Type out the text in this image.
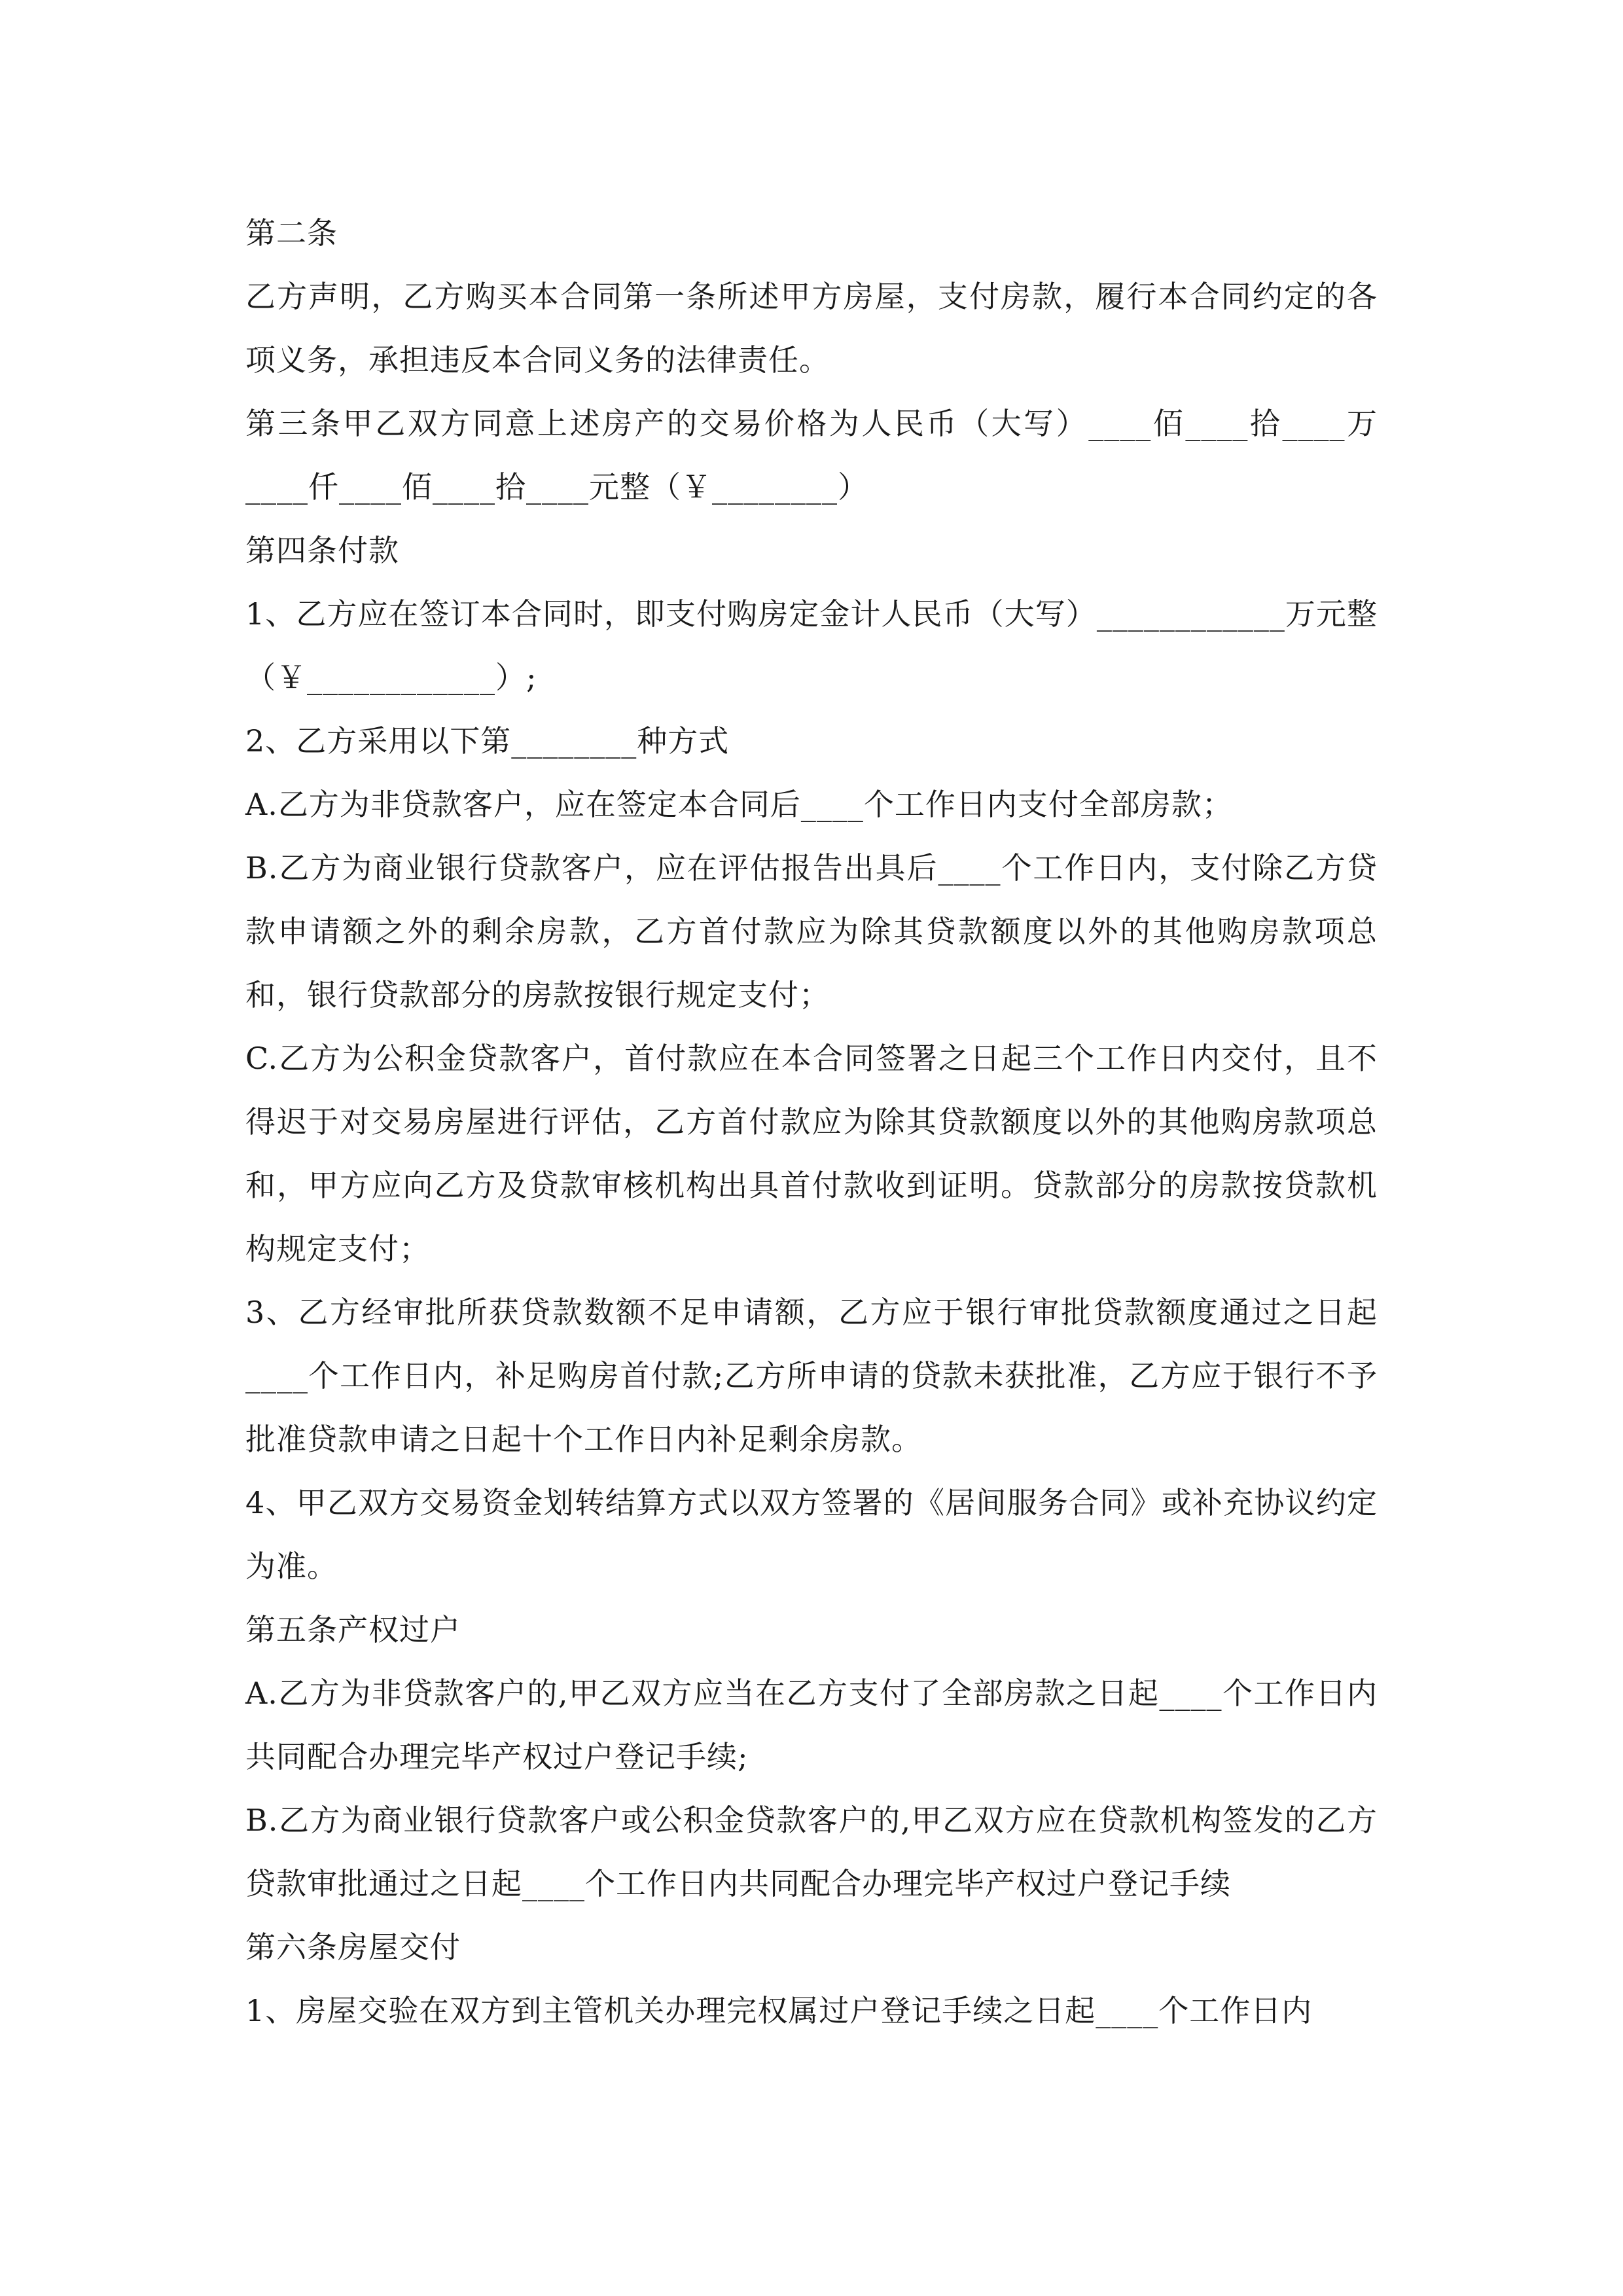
第二条

乙方声明，乙方购买本合同第一条所述甲方房屋，支付房款，履行本合同约定的各项义务，承担违反本合同义务的法律责任。

第三条甲乙双方同意上述房产的交易价格为人民币（大写）____佰____拾____万____仟____佰____拾____元整（￥________）

第四条付款

1、乙方应在签订本合同时，即支付购房定金计人民币（大写）____________万元整（￥____________）;

2、乙方采用以下第________种方式

A.乙方为非贷款客户，应在签定本合同后____个工作日内支付全部房款；

B.乙方为商业银行贷款客户，应在评估报告出具后____个工作日内，支付除乙方贷款申请额之外的剩余房款，乙方首付款应为除其贷款额度以外的其他购房款项总和，银行贷款部分的房款按银行规定支付；

C.乙方为公积金贷款客户，首付款应在本合同签署之日起三个工作日内交付，且不得迟于对交易房屋进行评估，乙方首付款应为除其贷款额度以外的其他购房款项总和，甲方应向乙方及贷款审核机构出具首付款收到证明。贷款部分的房款按贷款机构规定支付；

3、乙方经审批所获贷款数额不足申请额，乙方应于银行审批贷款额度通过之日起____个工作日内，补足购房首付款;乙方所申请的贷款未获批准，乙方应于银行不予批准贷款申请之日起十个工作日内补足剩余房款。

4、甲乙双方交易资金划转结算方式以双方签署的《居间服务合同》或补充协议约定为准。

第五条产权过户

A.乙方为非贷款客户的,甲乙双方应当在乙方支付了全部房款之日起____个工作日内共同配合办理完毕产权过户登记手续;

B.乙方为商业银行贷款客户或公积金贷款客户的,甲乙双方应在贷款机构签发的乙方贷款审批通过之日起____个工作日内共同配合办理完毕产权过户登记手续

第六条房屋交付

1、房屋交验在双方到主管机关办理完权属过户登记手续之日起____个工作日内
